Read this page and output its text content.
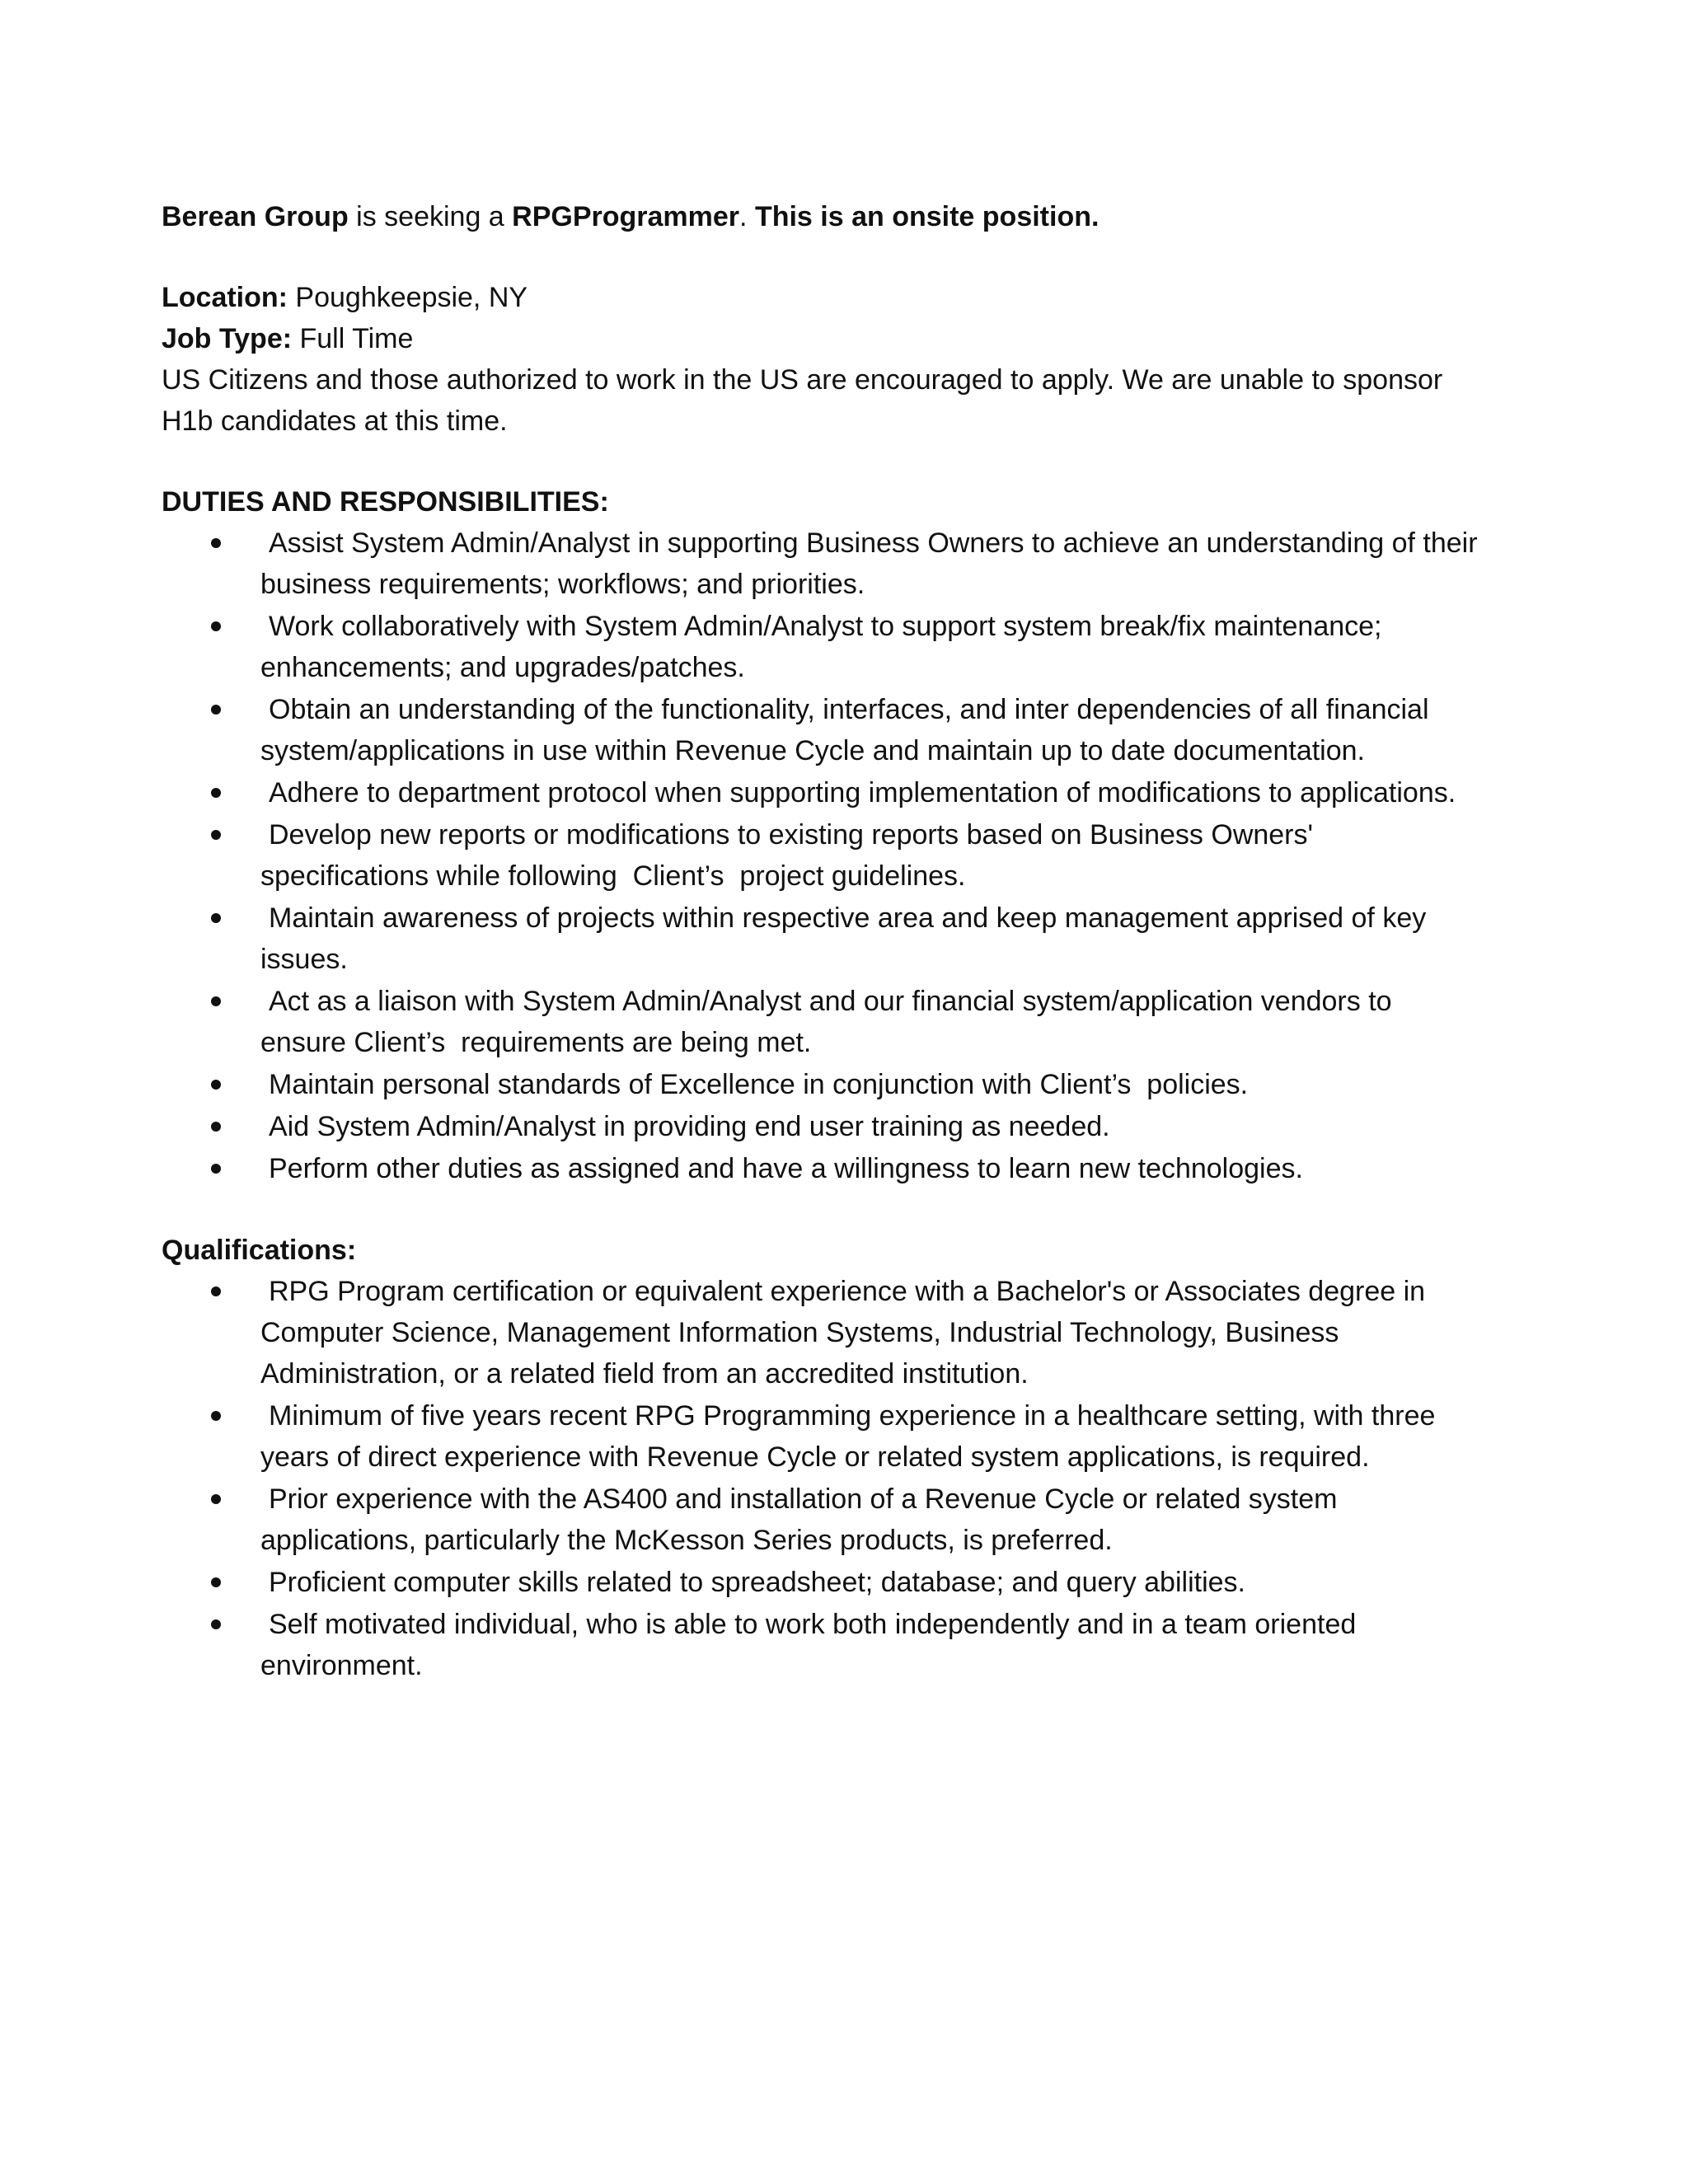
Berean Group is seeking a RPGProgrammer. This is an onsite position.

Location: Poughkeepsie, NY

Job Type: Full Time

US Citizens and those authorized to work in the US are encouraged to apply. We are unable to sponsor H1b candidates at this time.

DUTIES AND RESPONSIBILITIES:

Assist System Admin/Analyst in supporting Business Owners to achieve an understanding of their business requirements; workflows; and priorities.
Work collaboratively with System Admin/Analyst to support system break/fix maintenance; enhancements; and upgrades/patches.
Obtain an understanding of the functionality, interfaces, and inter dependencies of all financial system/applications in use within Revenue Cycle and maintain up to date documentation.
Adhere to department protocol when supporting implementation of modifications to applications.
Develop new reports or modifications to existing reports based on Business Owners' specifications while following  Client’s  project guidelines.
Maintain awareness of projects within respective area and keep management apprised of key issues.
Act as a liaison with System Admin/Analyst and our financial system/application vendors to ensure Client’s  requirements are being met.
Maintain personal standards of Excellence in conjunction with Client’s  policies.
Aid System Admin/Analyst in providing end user training as needed.
Perform other duties as assigned and have a willingness to learn new technologies.

Qualifications:

RPG Program certification or equivalent experience with a Bachelor's or Associates degree in Computer Science, Management Information Systems, Industrial Technology, Business Administration, or a related field from an accredited institution.
Minimum of five years recent RPG Programming experience in a healthcare setting, with three years of direct experience with Revenue Cycle or related system applications, is required.
Prior experience with the AS400 and installation of a Revenue Cycle or related system applications, particularly the McKesson Series products, is preferred.
Proficient computer skills related to spreadsheet; database; and query abilities.
Self motivated individual, who is able to work both independently and in a team oriented environment.
